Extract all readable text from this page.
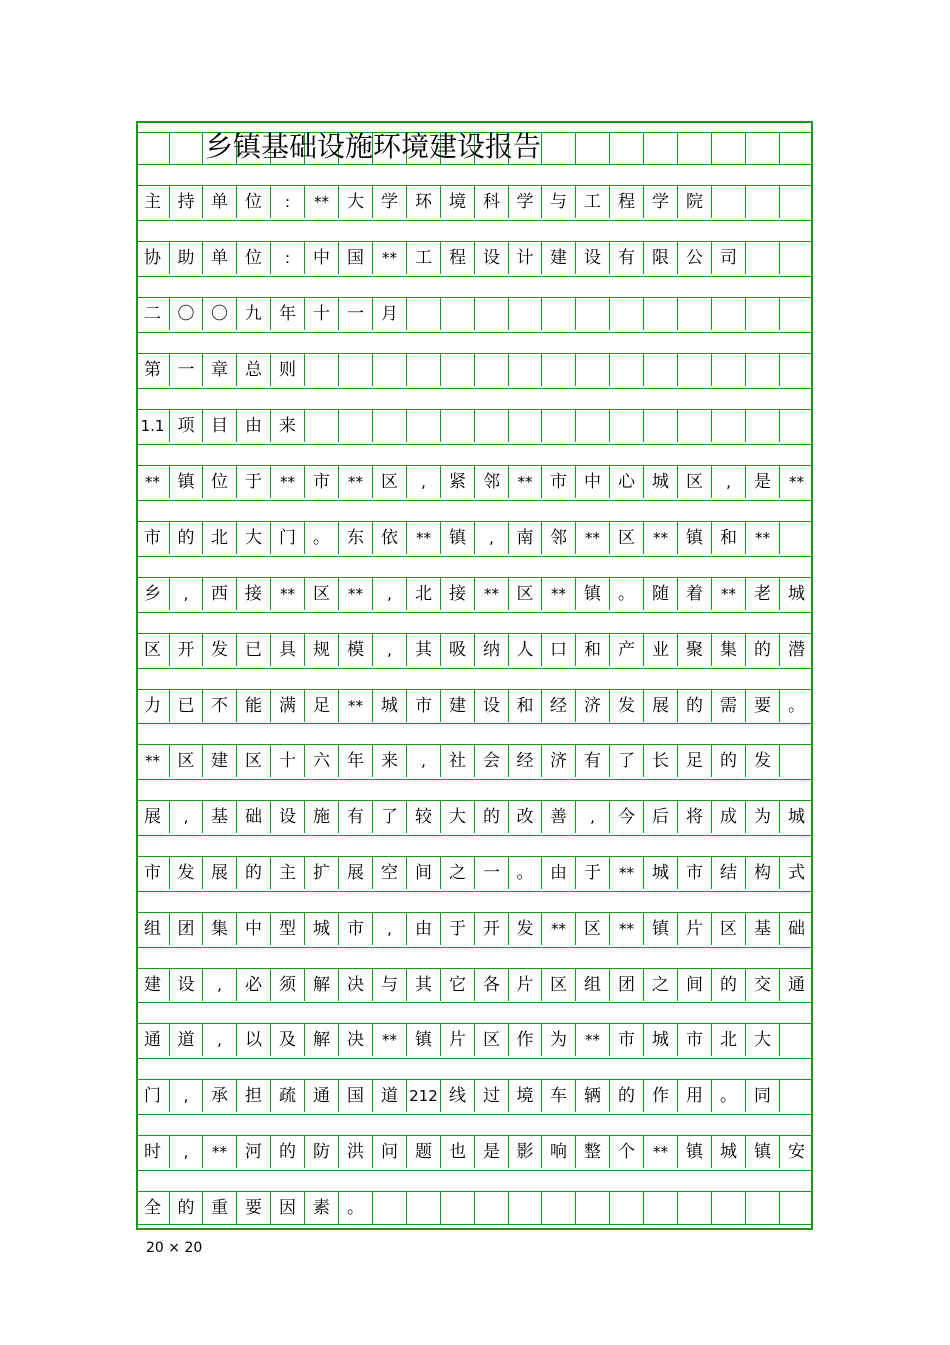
主 持 单	位	:	**	大	学	环	境	科 学 与	工	程	学	院
协 助 单	位	:	中	国	**	工	程	设 计 建	设	有	限	公	司
二 〇 〇	九	年	十	一	月
第 一 章	总	则
1.1 项 目	由	来
**	镇 位	于	**	市	**	区	,	紧	邻	**	市	中	心	城	区	,	是	**
市 的 北	大	门	。	东	依	**	镇	,	南 邻	**	区	**	镇	和	**
乡	,	西	接	**	区	**	,	北	接	**	区	**	镇	。	随	着	**	老	城
区 开 发	已	具	规	模	,	其	吸	纳 人 口	和	产	业	聚	集	的	潜
力 已 不	能	满	足	**	城	市	建	设 和 经	济	发	展	的	需	要	。
**	区 建	区	十	六	年	来	,	社	会 经 济	有	了	长	足	的	发
展	,	基	础	设	施	有	了	较	大	的 改 善	,	今	后	将	成	为	城
市 发 展	的	主	扩	展	空	间	之	一 。 由	于	**	城	市	结	构	式
组 团 集	中	型	城	市	,	由	于	开 发	**	区	**	镇	片	区	基	础
建 设	,	必	须	解	决	与	其	它	各 片 区	组	团	之	间	的	交	通
通 道	,	以	及	解	决	**	镇	片	区 作 为	**	市	城	市	北	大
门	,	承	担	疏	通	国	道 212 线	过 境 车	辆	的	作	用	。	同
时	,	**	河	的	防	洪	问	题	也	是 影 响	整	个	**	镇	城	镇	安
全 的 重	要	因	素	。
乡镇基础设施环境建设报告
20 × 20
